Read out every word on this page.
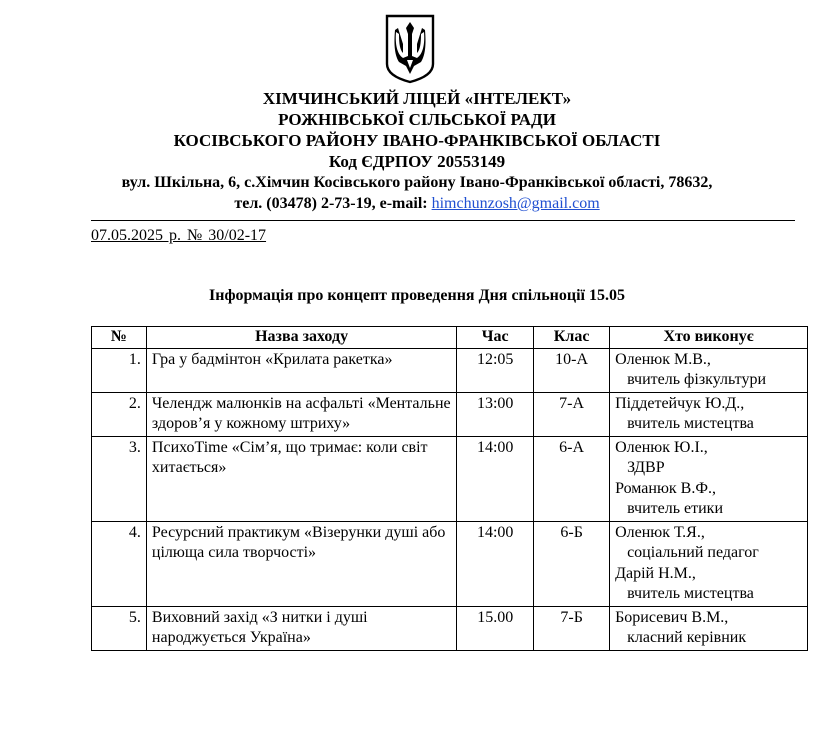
ХІМЧИНСЬКИЙ ЛІЦЕЙ «ІНТЕЛЕКТ»
РОЖНІВСЬКОЇ СІЛЬСЬКОЇ РАДИ
КОСІВСЬКОГО РАЙОНУ ІВАНО-ФРАНКІВСЬКОЇ ОБЛАСТІ
Код ЄДРПОУ 20553149
вул. Шкільна, 6, с.Хімчин Косівського району Івано-Франківської області, 78632,
тел. (03478) 2-73-19, e-mail: himchunzosh@gmail.com
07.05.2025 р. № 30/02-17
Інформація про концепт проведення Дня спільноції 15.05
№	Назва заходу	Час	Клас	Хто виконує
1.	Гра у бадмінтон «Крилата ракетка»	12:05	10-А	Оленюк М.В.,
вчитель фізкультури

2.	Челендж малюнків на асфальті «Ментальне здоров’я у кожному штриху»	13:00	7-А	Піддетейчук Ю.Д.,
вчитель мистецтва

3.	ПсихоTime «Сім’я, що тримає: коли світ хитається»	14:00	6-А	Оленюк Ю.І.,
ЗДВР
Романюк В.Ф.,
вчитель етики

4.	Ресурсний практикум «Візерунки душі або цілюща сила творчості»	14:00	6-Б	Оленюк Т.Я.,
соціальний педагог
Дарій Н.М.,
вчитель мистецтва

5.	Виховний захід «З нитки і душі народжується Україна»	15.00	7-Б	Борисевич В.М.,
класний керівник
